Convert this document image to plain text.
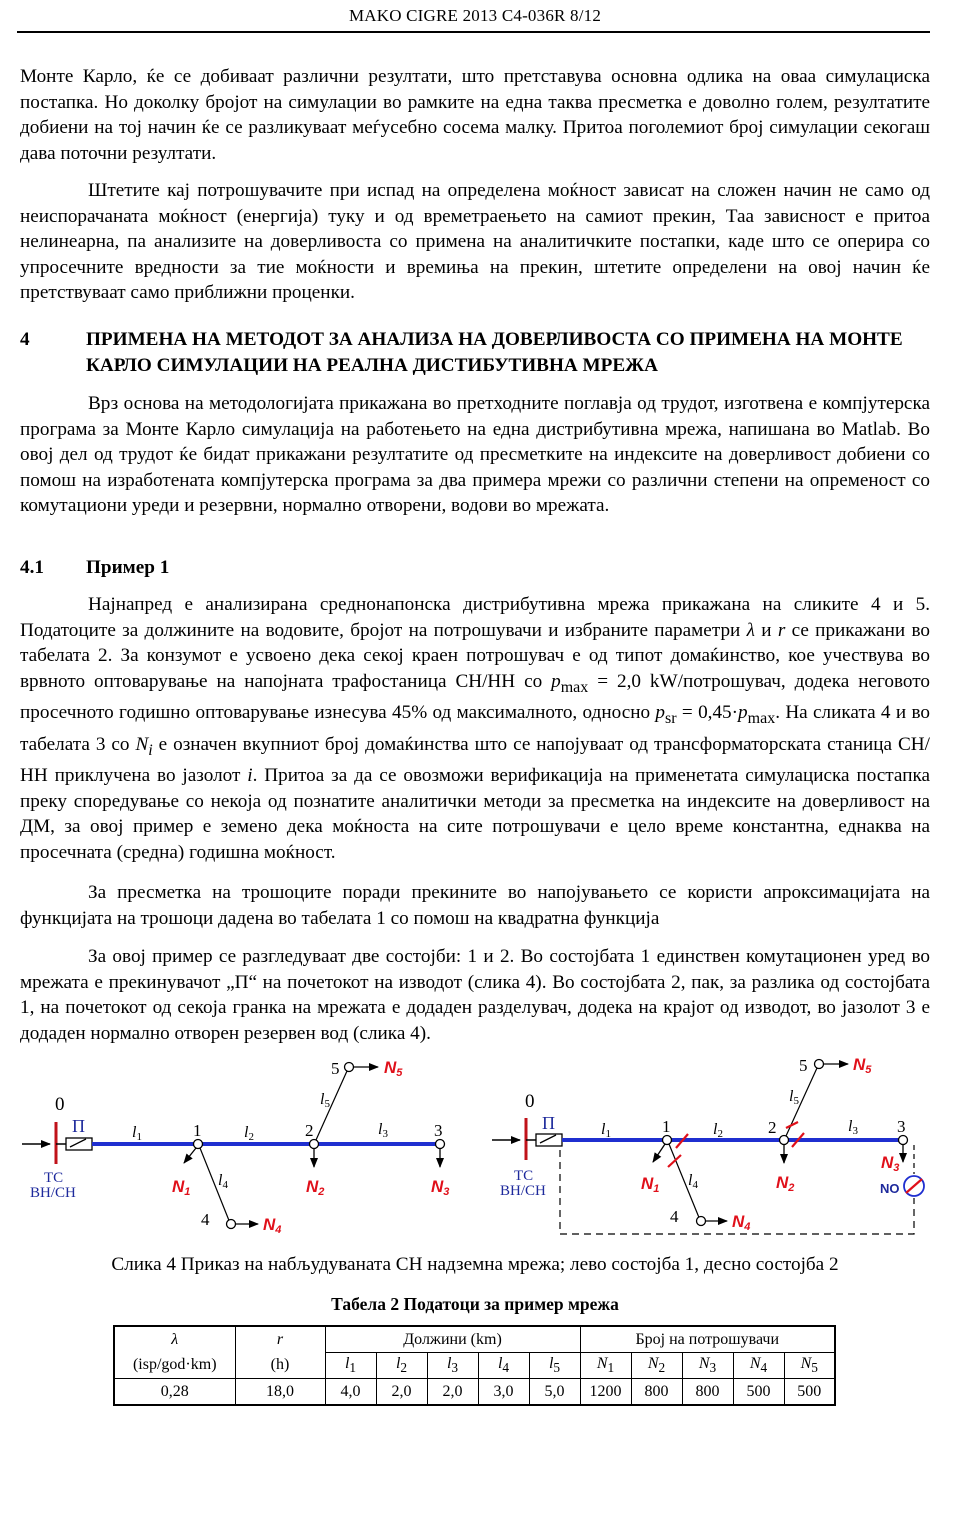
MAKO CIGRE 2013 C4-036R 8/12

Монте Карло, ќе се добиваат различни резултати, што претставува основна одлика на оваа симулациска постапка. Но доколку бројот на симулации во рамките на една таква пресметка е доволно голем, резултатите добиени на тој начин ќе се разликуваат меѓусебно сосема малку. Притоа поголемиот број симулации секогаш дава поточни резултати.

Штетите кај потрошувачите при испад на определена моќност зависат на сложен начин не само од неиспорачаната моќност (енергија) туку и од времетраењето на самиот прекин, Таа зависност е притоа нелинеарна, па анализите на доверливоста со примена на аналитичките постапки, каде што се оперира со упросечните вредности за тие моќности и времиња на прекин, штетите определени на овој начин ќе претствуваат само приближни проценки.

4	ПРИМЕНА НА МЕТОДОТ ЗА АНАЛИЗА НА ДОВЕРЛИВОСТА СО ПРИМЕНА НА МОНТЕ КАРЛО СИМУЛАЦИИ НА РЕАЛНА ДИСТИБУТИВНА МРЕЖА

Врз основа на методологијата прикажана во претходните поглавја од трудот, изготвена е компјутерска програма за Монте Карло симулација на работењето на една дистрибутивна мрежа, напишана во Matlab. Во овој дел од трудот ќе бидат прикажани резултатите од пресметките на индексите на доверливост добиени со помош на изработената компјутерска програма за два примера мрежи со различни степени на опременост со комутациони уреди и резервни, нормално отворени, водови во мрежата.

4.1 Пример 1

Најнапред е анализирана среднонапонска дистрибутивна мрежа прикажана на сликите 4 и 5. Податоците за должините на водовите, бројот на потрошувачи и избраните параметри λ и r се прикажани во табелата 2. За конзумот е усвоено дека секој краен потрошувач е од типот домаќинство, кое учествува во врвното оптоварување на напојната трафостаница СН/НН со $p_{max} = 2,0$ kW/потрошувач, додека неговото просечното годишно оптоварување изнесува 45% од максималното, односно $p_{sr} = 0,45\cdot p_{max}$. На сликата 4 и во табелата 3 со $N_i$ е означен вкупниот број домаќинства што се напојуваат од трансформаторската станица СН/НН приклучена во јазолот i. Притоа за да се овозможи верификација на применетата симулациска постапка преку споредување со некоја од познатите аналитички методи за пресметка на индексите на доверливост на ДМ, за овој пример е земено дека моќноста на сите потрошувачи е цело време константна, еднаква на просечната (средна) годишна моќност.

За пресметка на трошоците поради прекините во напојувањето се користи апроксимацијата на функцијата на трошоци дадена во табелата 1 со помош на квадратна функција

За овој пример се разгледуваат две состојби: 1 и 2. Во состојбата 1 единствен комутационен уред во мрежата е прекинувачот „П“ на почетокот на изводот (слика 4). Во состојбата 2, пак, за разлика од состојбата 1, на почетокот од секоја гранка на мрежата е додаден разделувач, додека на крајот од изводот, во јазолот 3 е додаден нормално отворен резервен вод (слика 4).

0
П
ТС
ВН/СН
l1	l2	l3
1
N1
l4
4	N4
2
N2
l5
5	N5
3
N3
0
П
ТС
ВН/СН
l1	l2	l3
1
N1 l4
4	N4
2
N2
l5
5	N5
3
N3
NO
Слика 4 Приказ на набљудуваната СН надземна мрежа; лево состојба 1, десно состојба 2
Табела 2 Податоци за пример мрежа
λ	r	Должини (km)					Број на потрошувачи				
(isp/god·km)	(h)	$l_1$	$l_2$	$l_3$	$l_4$	$l_5$	$N_1$	$N_2$	$N_3$	$N_4$	$N_5$
0,28	18,0	4,0	2,0	2,0	3,0	5,0	1200	800	800	500	500
